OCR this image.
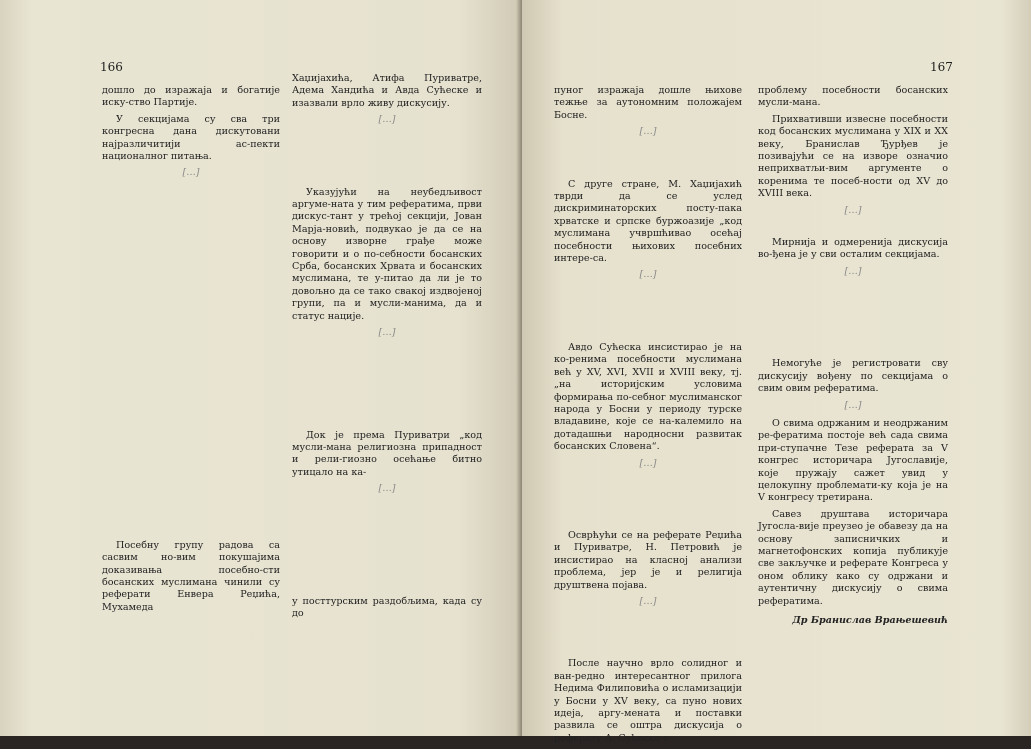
166

дошло до изражаја и богатије иску-ство Партије.

У секцијама су сва три конгресна дана дискутовани најразличитији ас-пекти националног питања.

[…]

Посебну групу радова са сасвим но-вим покушајима доказивања посебно-сти босанских муслимана чинили су реферати Енвера Реџића, Мухамеда

Хаџијахића, Атифа Пуриватре, Адема Хандића и Авда Сућеске и изазвали врло живу дискусију.

[…]

Указујући на неубедљивост аргуме-ната у тим рефератима, први дискус-тант у трећој секцији, Јован Марја-новић, подвукао је да се на основу изворне грађе може говорити и о по-себности босанских Срба, босанских Хрвата и босанских муслимана, те у-питао да ли је то довољно да се тако свакој издвојеној групи, па и мусли-манима, да и статус нације.

[…]

Док је према Пуриватри „код мусли-мана религиозна припадност и рели-гиозно осећање битно утицало на ка-

[…]

у посттурским раздобљима, када су до

167

пуног изражаја дошле њихове тежње за аутономним положајем Босне.

[…]

С друге стране, М. Хаџијахић тврди да се услед дискриминаторских посту-пака хрватске и српске буржоазије „код муслимана учвршћивао осећај посебности њихових посебних интере-са.

[…]

Авдо Сућеска инсистирао је на ко-ренима посебности муслимана већ у XV, XVI, XVII и XVIII веку, тј. „на историјским условима формирања по-себног муслиманског народа у Босни у периоду турске владавине, које се на-калемило на дотадашњи народносни развитак босанских Словена“.

[…]

Осврћући се на реферате Реџића и Пуриватре, Н. Петровић је инсистирао на класној анализи проблема, јер је и религија друштвена појава.

[…]

После научно врло солидног и ван-редно интересантног прилога Недима Филиповића о исламизацији у Босни у XV веку, са пуно нових идеја, аргу-мената и поставки развила се оштра дискусија о реферату А. Сућеске о

проблему посебности босанских мусли-мана.

Прихвативши извесне посебности код босанских муслимана у XIX и XX веку, Бранислав Ђурђев је позивајући се на изворе означио неприхватљи-вим аргументе о коренима те посеб-ности од XV до XVIII века.

[…]

Мирнија и одмеренија дискусија во-ђена је у сви осталим секцијама.

[…]

Немогуће је регистровати сву дискусију вођену по секцијама о свим овим рефератима.

[…]

О свима одржаним и неодржаним ре-фератима постоје већ сада свима при-ступачне Тезе реферата за V конгрес историчара Југославије, које пружају сажет увид у целокупну проблемати-ку која је на V конгресу третирана.

Савез друштава историчара Југосла-вије преузео је обавезу да на основу записничких и магнетофонских копија публикује све закључке и реферате Конгреса у оном облику како су одржани и аутентичну дискусију о свима рефератима.

Др Бранислав Врањешевић
